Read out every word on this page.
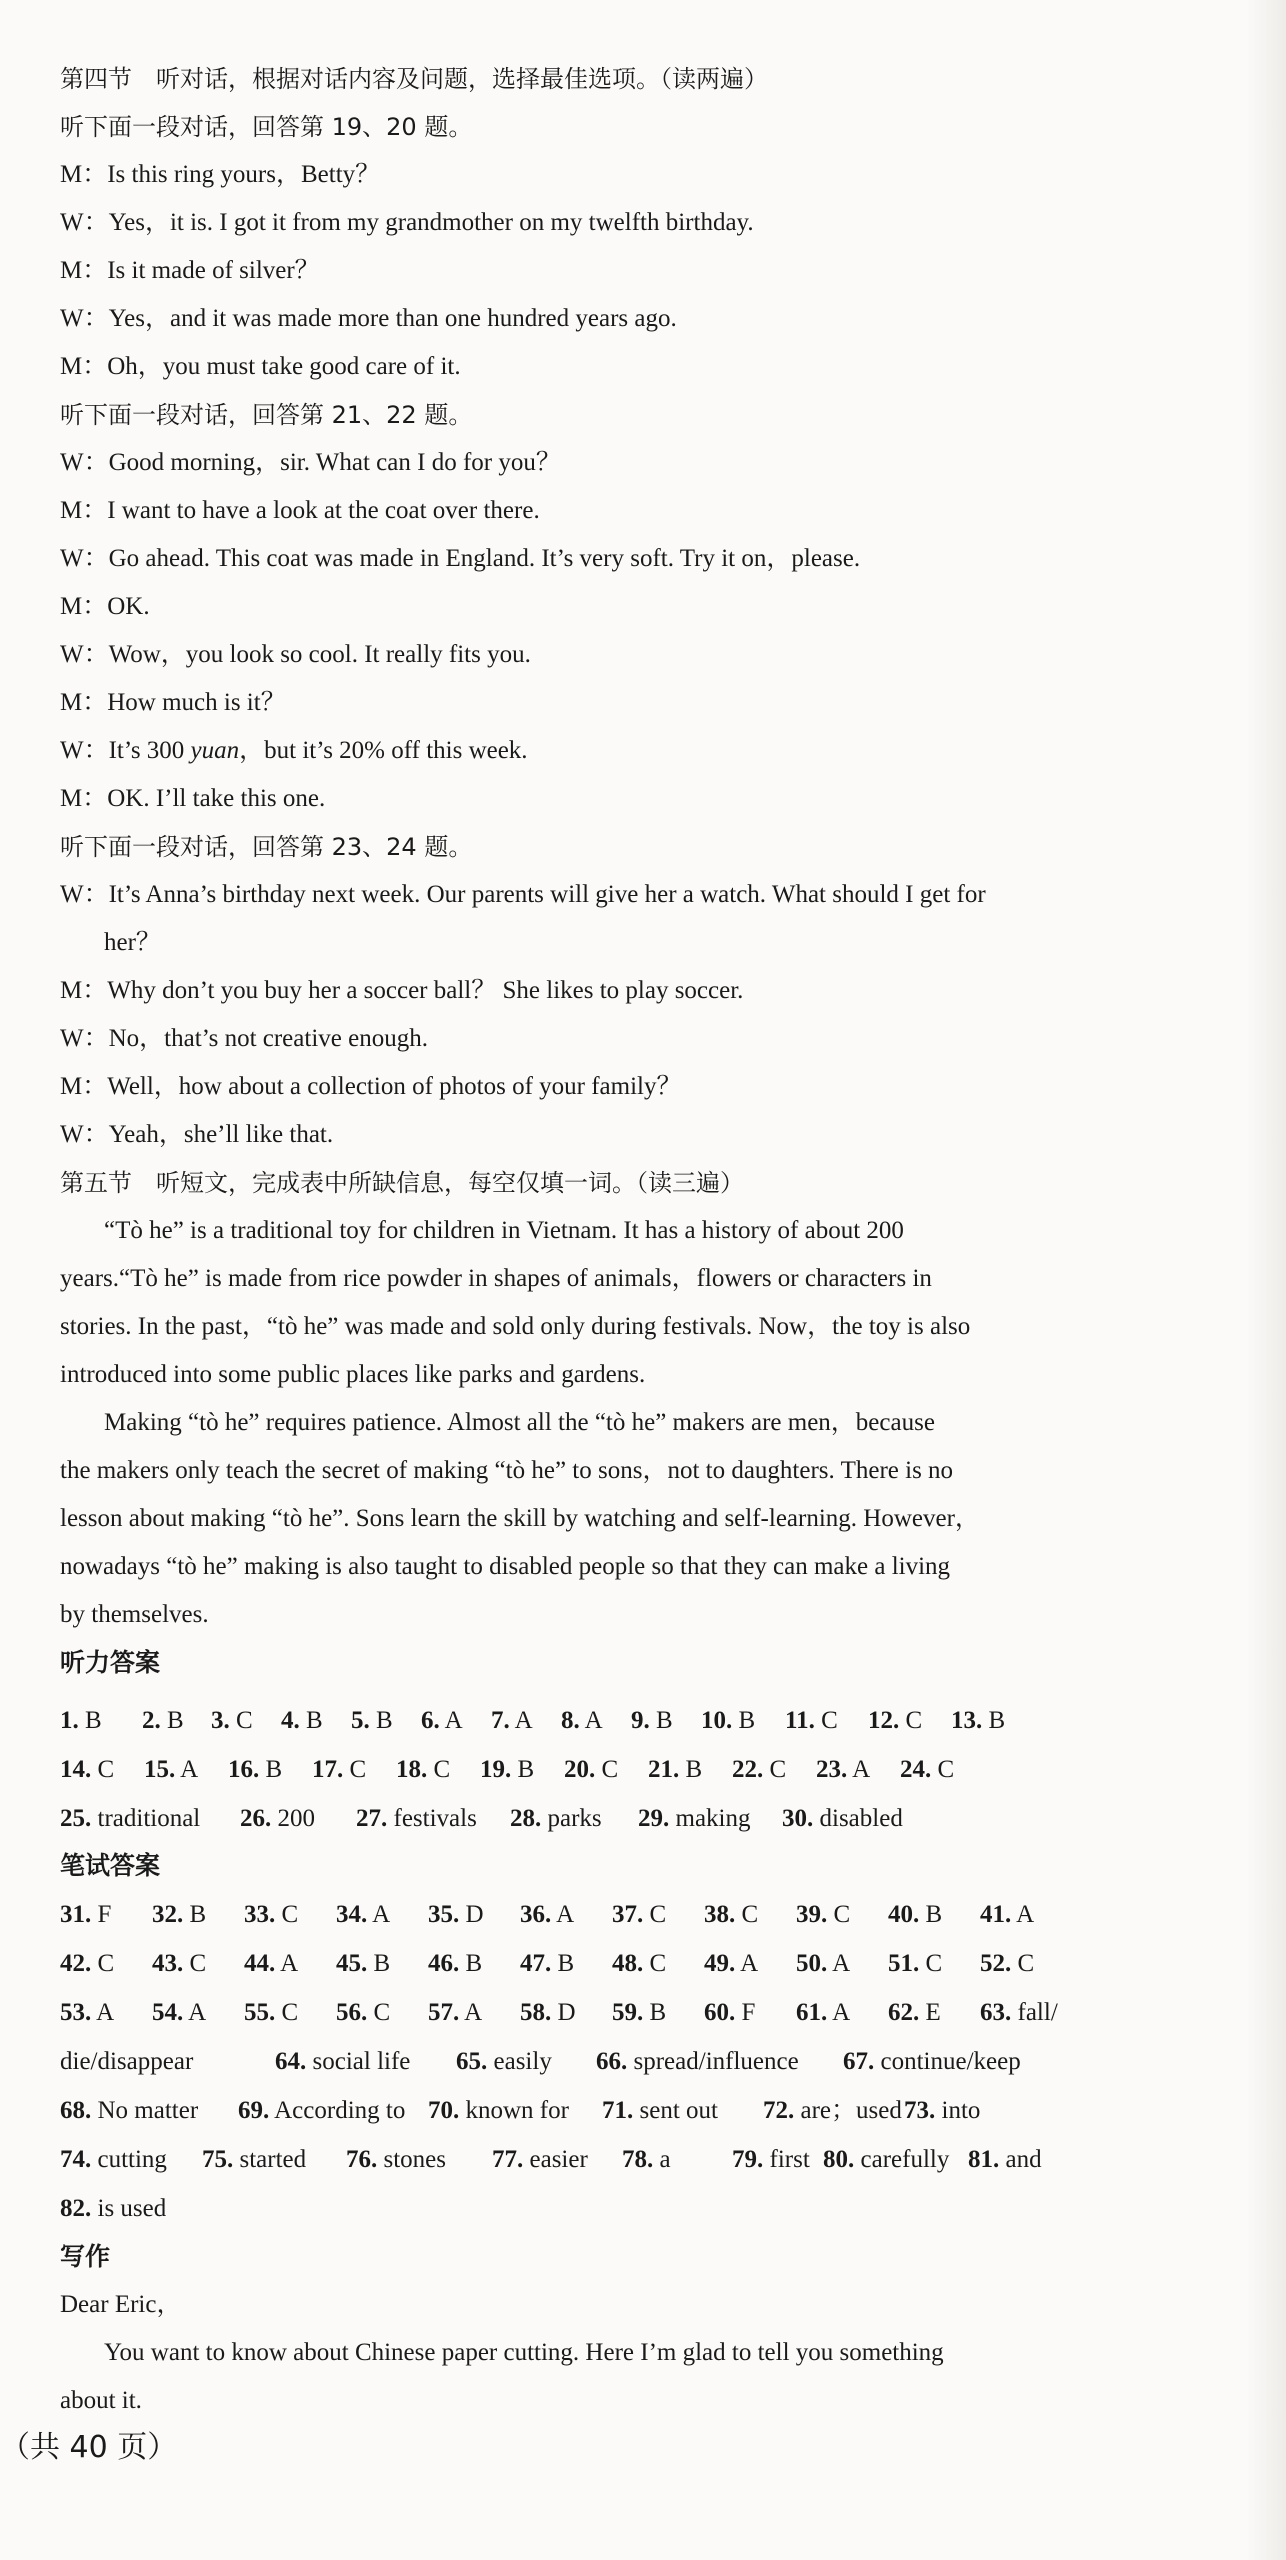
第四节　听对话，根据对话内容及问题，选择最佳选项。（读两遍）
听下面一段对话，回答第 19、20 题。
M：Is this ring yours，Betty？
W：Yes，it is. I got it from my grandmother on my twelfth birthday.
M：Is it made of silver？
W：Yes，and it was made more than one hundred years ago.
M：Oh，you must take good care of it.
听下面一段对话，回答第 21、22 题。
W：Good morning，sir. What can I do for you？
M：I want to have a look at the coat over there.
W：Go ahead. This coat was made in England. It’s very soft. Try it on，please.
M：OK.
W：Wow，you look so cool. It really fits you.
M：How much is it？
W：It’s 300 yuan，but it’s 20% off this week.
M：OK. I’ll take this one.
听下面一段对话，回答第 23、24 题。
W：It’s Anna’s birthday next week. Our parents will give her a watch. What should I get for
her？
M：Why don’t you buy her a soccer ball？ She likes to play soccer.
W：No，that’s not creative enough.
M：Well，how about a collection of photos of your family？
W：Yeah，she’ll like that.
第五节　听短文，完成表中所缺信息，每空仅填一词。（读三遍）
“Tò he” is a traditional toy for children in Vietnam. It has a history of about 200
years.“Tò he” is made from rice powder in shapes of animals，flowers or characters in
stories. In the past，“tò he” was made and sold only during festivals. Now，the toy is also
introduced into some public places like parks and gardens.
Making “tò he” requires patience. Almost all the “tò he” makers are men，because
the makers only teach the secret of making “tò he” to sons，not to daughters. There is no
lesson about making “tò he”. Sons learn the skill by watching and self-learning. However，
nowadays “tò he” making is also taught to disabled people so that they can make a living
by themselves.
听力答案
1. B 2. B 3. C 4. B 5. B 6. A 7. A 8. A 9. B 10. B 11. C 12. C 13. B
14. C 15. A 16. B 17. C 18. C 19. B 20. C 21. B 22. C 23. A 24. C
25. traditional 26. 200 27. festivals 28. parks 29. making 30. disabled
笔试答案
31. F 32. B 33. C 34. A 35. D 36. A 37. C 38. C 39. C 40. B 41. A
42. C 43. C 44. A 45. B 46. B 47. B 48. C 49. A 50. A 51. C 52. C
53. A 54. A 55. C 56. C 57. A 58. D 59. B 60. F 61. A 62. E 63. fall/
die/disappear	64. social life 65. easily 66. spread/influence 67. continue/keep
68. No matter 69. According to 70. known for 71. sent out 72. are；used 73. into
74. cutting 75. started 76. stones 77. easier 78. a 79. first 80. carefully 81. and
82. is used
写作
Dear Eric，
You want to know about Chinese paper cutting. Here I’m glad to tell you something
about it.
（共 40 页）
